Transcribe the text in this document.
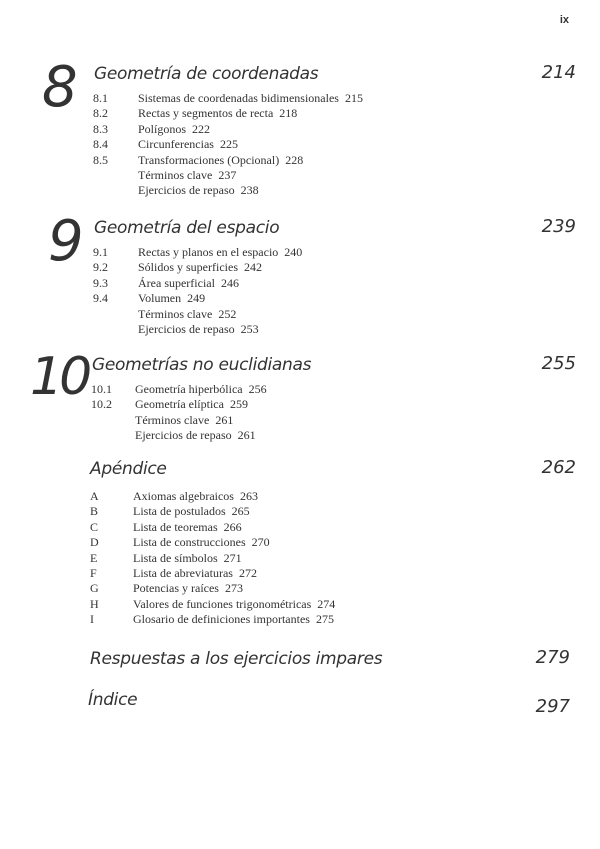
ix
8 Geometría de coordenadas	214
8.1	Sistemas de coordenadas bidimensionales 215
8.2	Rectas y segmentos de recta 218
8.3	Polígonos 222
8.4	Circunferencias 225
8.5	Transformaciones (Opcional) 228
Términos clave 237
Ejercicios de repaso 238
9 Geometría del espacio	239
9.1	Rectas y planos en el espacio 240
9.2	Sólidos y superficies 242
9.3	Área superficial 246
9.4	Volumen 249
Términos clave 252
Ejercicios de repaso 253
10 Geometrías no euclidianas	255
10.1 Geometría hiperbólica 256
10.2 Geometría elíptica 259
Términos clave 261
Ejercicios de repaso 261
Apéndice	262
A	Axiomas algebraicos 263
B	Lista de postulados 265
C	Lista de teoremas 266
D	Lista de construcciones 270
E	Lista de símbolos 271
F	Lista de abreviaturas 272
G	Potencias y raíces 273
H	Valores de funciones trigonométricas 274
I	Glosario de definiciones importantes 275
Respuestas a los ejercicios impares	279
Índice	297
